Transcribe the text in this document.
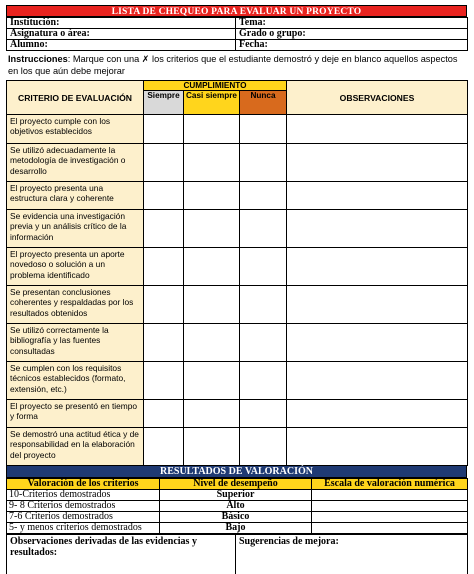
LISTA DE CHEQUEO PARA EVALUAR UN PROYECTO
Institución:	Tema:
Asignatura o área:	Grado o grupo:
Alumno:	Fecha:
Instrucciones: Marque con una ✗ los criterios que el estudiante demostró y deje en blanco aquellos aspectos en los que aún debe mejorar
CRITERIO DE EVALUACIÓN	CUMPLIMIENTO			OBSERVACIONES
	Siempre	Casi siempre	Nunca	
El proyecto cumple con los objetivos establecidos				
Se utilizó adecuadamente la metodología de investigación o desarrollo				
El proyecto presenta una estructura clara y coherente				
Se evidencia una investigación previa y un análisis crítico de la información				
El proyecto presenta un aporte novedoso o solución a un problema identificado				
Se presentan conclusiones coherentes y respaldadas por los resultados obtenidos				
Se utilizó correctamente la bibliografía y las fuentes consultadas				
Se cumplen con los requisitos técnicos establecidos (formato, extensión, etc.)				
El proyecto se presentó en tiempo y forma				
Se demostró una actitud ética y de responsabilidad en la elaboración del proyecto				
RESULTADOS DE VALORACIÓN
Valoración de los criterios	Nivel de desempeño	Escala de valoración numérica
10-Criterios demostrados	Superior	
9- 8 Criterios demostrados	Alto	
7-6 Criterios demostrados	Básico	
5- y menos criterios demostrados	Bajo	
Observaciones derivadas de las evidencias y resultados:	Sugerencias de mejora:
